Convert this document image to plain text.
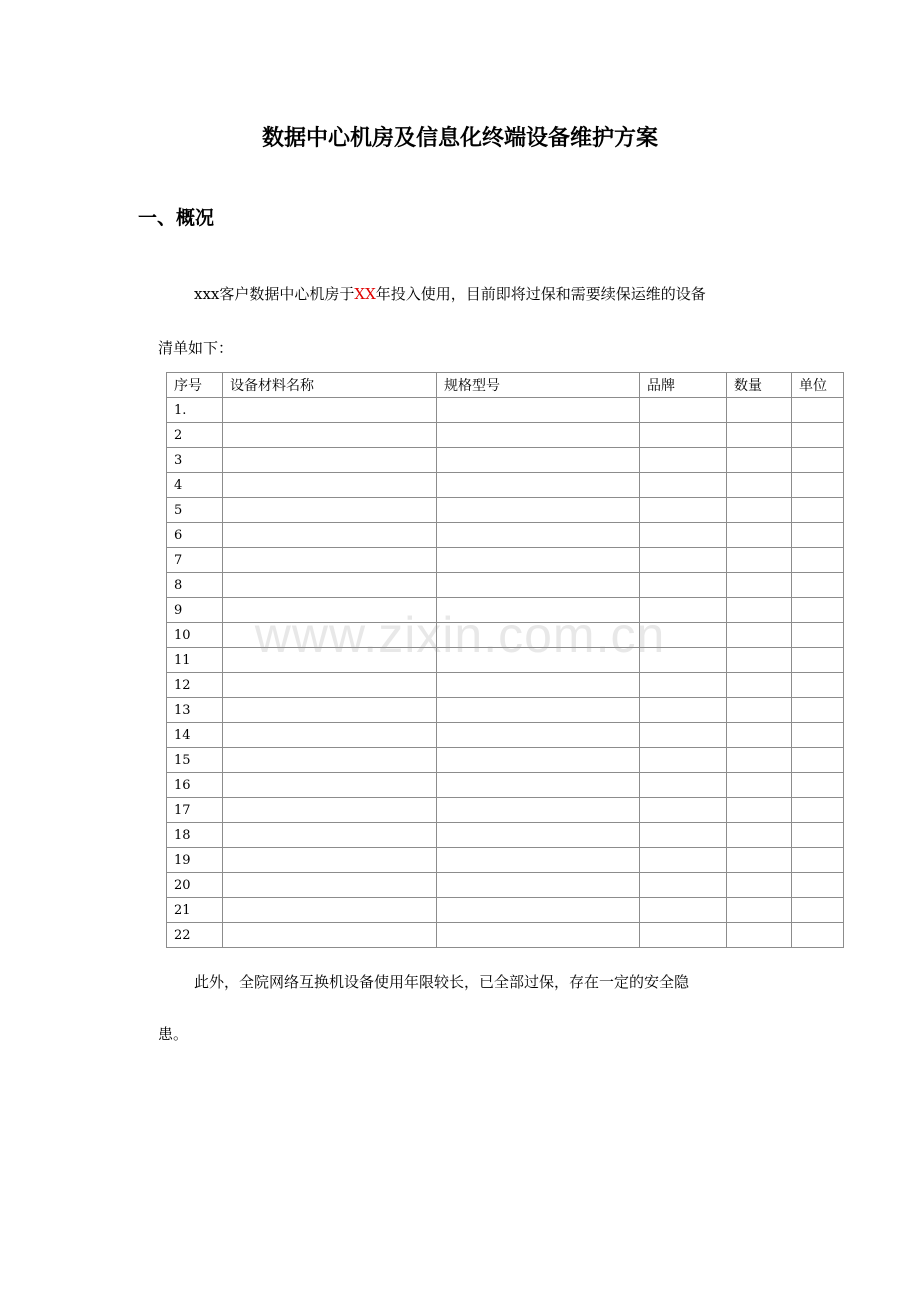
数据中心机房及信息化终端设备维护方案
一、概况
xxx客户数据中心机房于XX年投入使用，目前即将过保和需要续保运维的设备
清单如下：
序号	设备材料名称	规格型号	品牌	数量	单位
1.					
2					
3					
4					
5					
6					
7					
8					
9					
10					
11					
12					
13					
14					
15					
16					
17					
18					
19					
20					
21					
22					
此外，全院网络互换机设备使用年限较长，已全部过保，存在一定的安全隐
患。
www.zixin.com.cn
